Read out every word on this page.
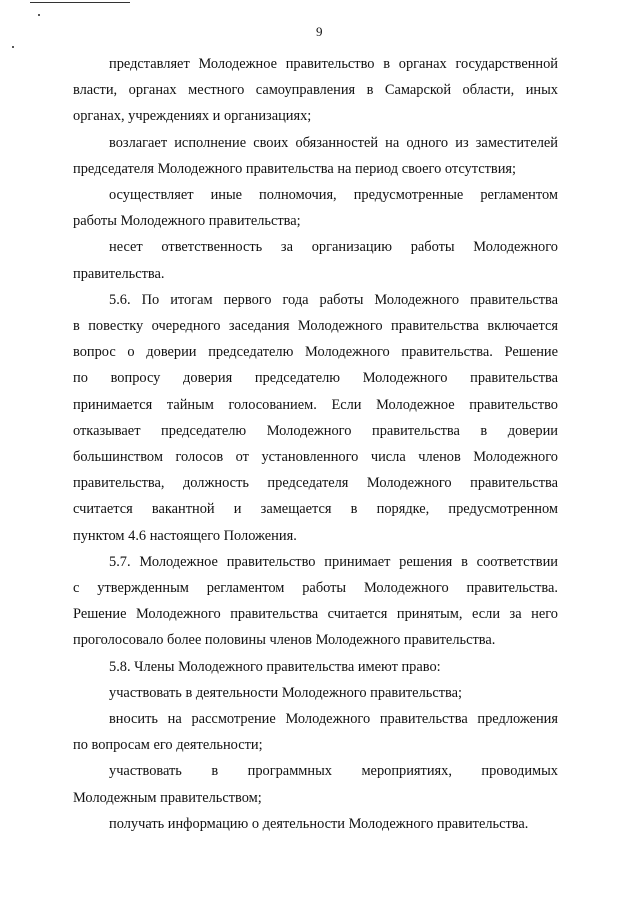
9

представляет Молодежное правительство в органах государственной
власти, органах местного самоуправления в Самарской области, иных
органах, учреждениях и организациях;

возлагает исполнение своих обязанностей на одного из заместителей
председателя Молодежного правительства на период своего отсутствия;

осуществляет иные полномочия, предусмотренные регламентом
работы Молодежного правительства;

несет ответственность за организацию работы Молодежного
правительства.

5.6. По итогам первого года работы Молодежного правительства
в повестку очередного заседания Молодежного правительства включается
вопрос о доверии председателю Молодежного правительства. Решение
по вопросу доверия председателю Молодежного правительства
принимается тайным голосованием. Если Молодежное правительство
отказывает председателю Молодежного правительства в доверии
большинством голосов от установленного числа членов Молодежного
правительства, должность председателя Молодежного правительства
считается вакантной и замещается в порядке, предусмотренном
пунктом 4.6 настоящего Положения.

5.7. Молодежное правительство принимает решения в соответствии
с утвержденным регламентом работы Молодежного правительства.
Решение Молодежного правительства считается принятым, если за него
проголосовало более половины членов Молодежного правительства.

5.8. Члены Молодежного правительства имеют право:

участвовать в деятельности Молодежного правительства;

вносить на рассмотрение Молодежного правительства предложения
по вопросам его деятельности;

участвовать в программных мероприятиях, проводимых
Молодежным правительством;

получать информацию о деятельности Молодежного правительства.
